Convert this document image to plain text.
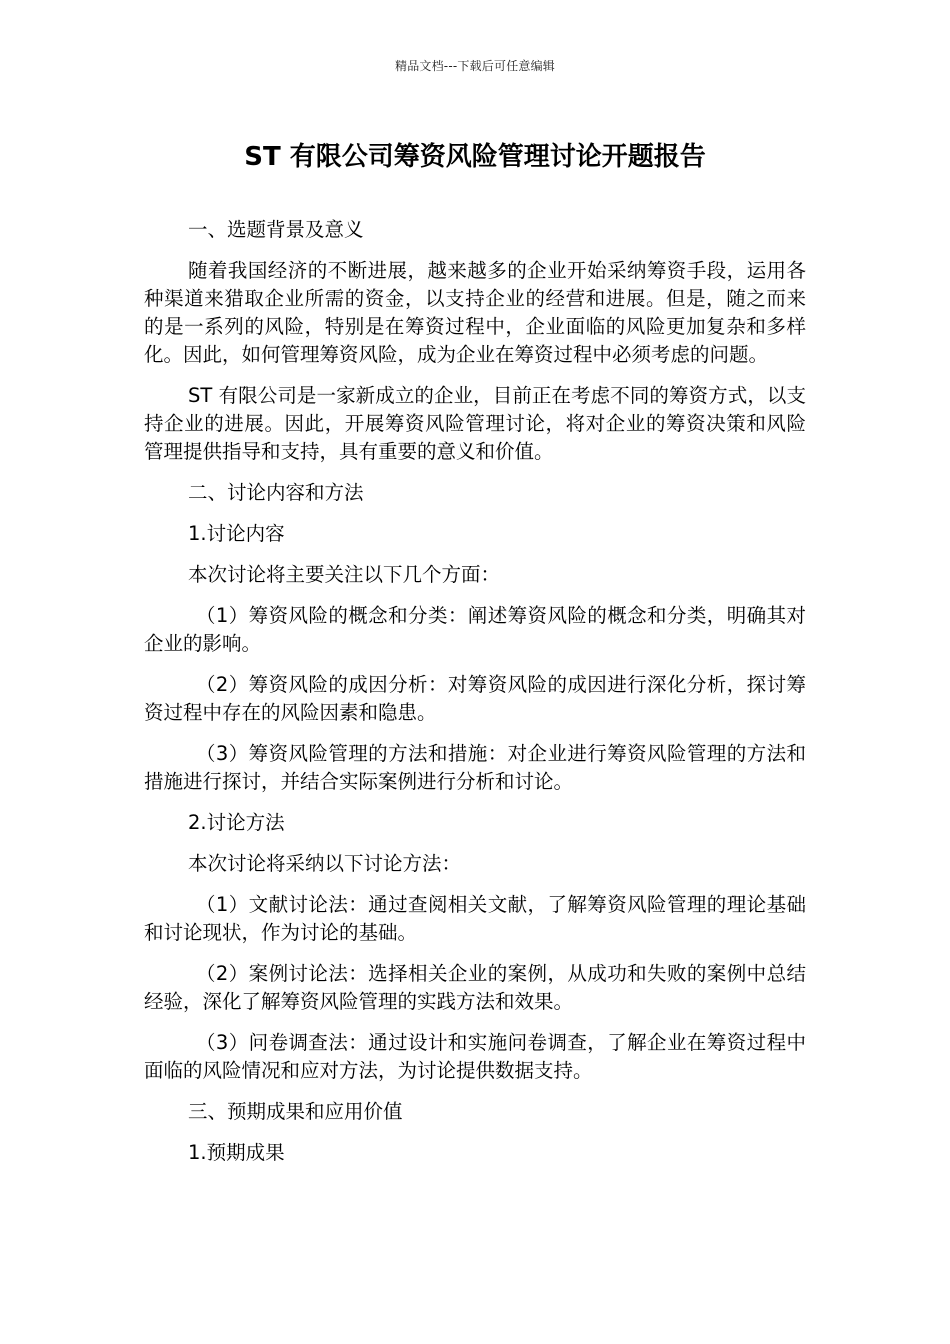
精品文档---下载后可任意编辑
ST 有限公司筹资风险管理讨论开题报告

一、选题背景及意义

随着我国经济的不断进展，越来越多的企业开始采纳筹资手段，运用各种渠道来猎取企业所需的资金，以支持企业的经营和进展。但是，随之而来的是一系列的风险，特别是在筹资过程中，企业面临的风险更加复杂和多样化。因此，如何管理筹资风险，成为企业在筹资过程中必须考虑的问题。

ST 有限公司是一家新成立的企业，目前正在考虑不同的筹资方式，以支持企业的进展。因此，开展筹资风险管理讨论，将对企业的筹资决策和风险管理提供指导和支持，具有重要的意义和价值。

二、讨论内容和方法

1.讨论内容

本次讨论将主要关注以下几个方面：

（1）筹资风险的概念和分类：阐述筹资风险的概念和分类，明确其对企业的影响。

（2）筹资风险的成因分析：对筹资风险的成因进行深化分析，探讨筹资过程中存在的风险因素和隐患。

（3）筹资风险管理的方法和措施：对企业进行筹资风险管理的方法和措施进行探讨，并结合实际案例进行分析和讨论。

2.讨论方法

本次讨论将采纳以下讨论方法：

（1）文献讨论法：通过查阅相关文献，了解筹资风险管理的理论基础和讨论现状，作为讨论的基础。

（2）案例讨论法：选择相关企业的案例，从成功和失败的案例中总结经验，深化了解筹资风险管理的实践方法和效果。

（3）问卷调查法：通过设计和实施问卷调查，了解企业在筹资过程中面临的风险情况和应对方法，为讨论提供数据支持。

三、预期成果和应用价值

1.预期成果
